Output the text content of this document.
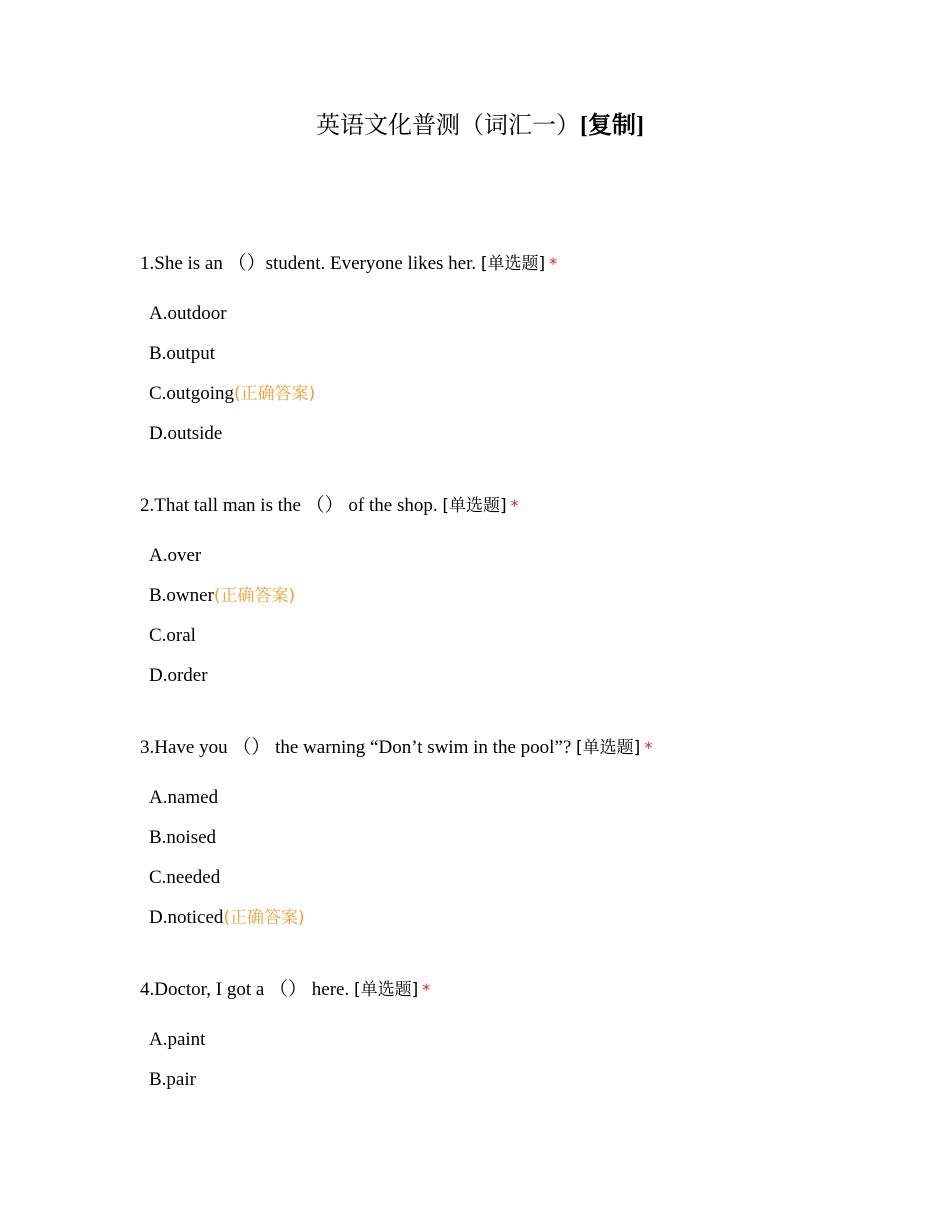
英语文化普测（词汇一）[复制]
1.She is an （）student. Everyone likes her. [单选题] *
A.outdoor
B.output
C.outgoing(正确答案)
D.outside
2.That tall man is the （） of the shop. [单选题] *
A.over
B.owner(正确答案)
C.oral
D.order
3.Have you （） the warning “Don’t swim in the pool”? [单选题] *
A.named
B.noised
C.needed
D.noticed(正确答案)
4.Doctor, I got a （） here. [单选题] *
A.paint
B.pair
